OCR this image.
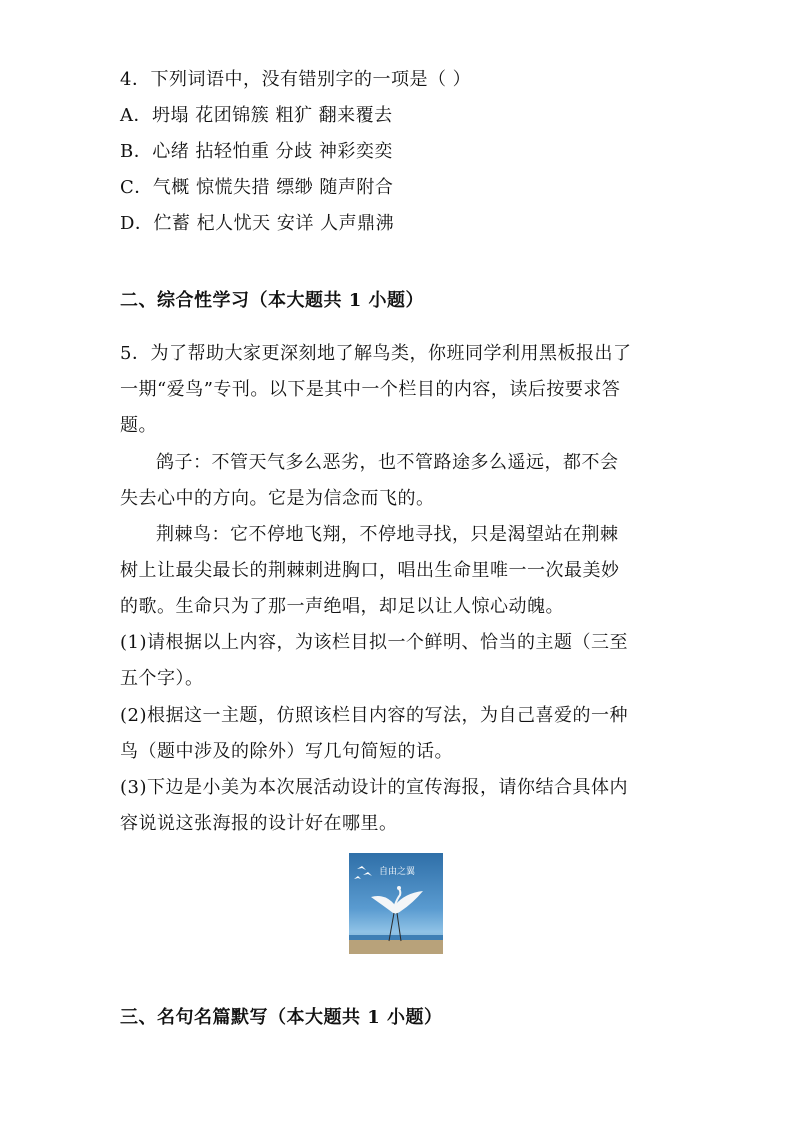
4．下列词语中，没有错别字的一项是（ ）
A．坍塌 花团锦簇 粗犷 翻来覆去
B．心绪 拈轻怕重 分歧 神彩奕奕
C．气概 惊慌失措 缥缈 随声附合
D．伫蓄 杞人忧天 安详 人声鼎沸
二、综合性学习（本大题共 1 小题）
5．为了帮助大家更深刻地了解鸟类，你班同学利用黑板报出了
一期“爱鸟”专刊。以下是其中一个栏目的内容，读后按要求答
题。
鸽子：不管天气多么恶劣，也不管路途多么遥远，都不会
失去心中的方向。它是为信念而飞的。
荆棘鸟：它不停地飞翔，不停地寻找，只是渴望站在荆棘
树上让最尖最长的荆棘刺进胸口，唱出生命里唯一一次最美妙
的歌。生命只为了那一声绝唱，却足以让人惊心动魄。
(1)请根据以上内容，为该栏目拟一个鲜明、恰当的主题（三至
五个字）。
(2)根据这一主题，仿照该栏目内容的写法，为自己喜爱的一种
鸟（题中涉及的除外）写几句简短的话。
(3)下边是小美为本次展活动设计的宣传海报，请你结合具体内
容说说这张海报的设计好在哪里。
自由之翼
三、名句名篇默写（本大题共 1 小题）
